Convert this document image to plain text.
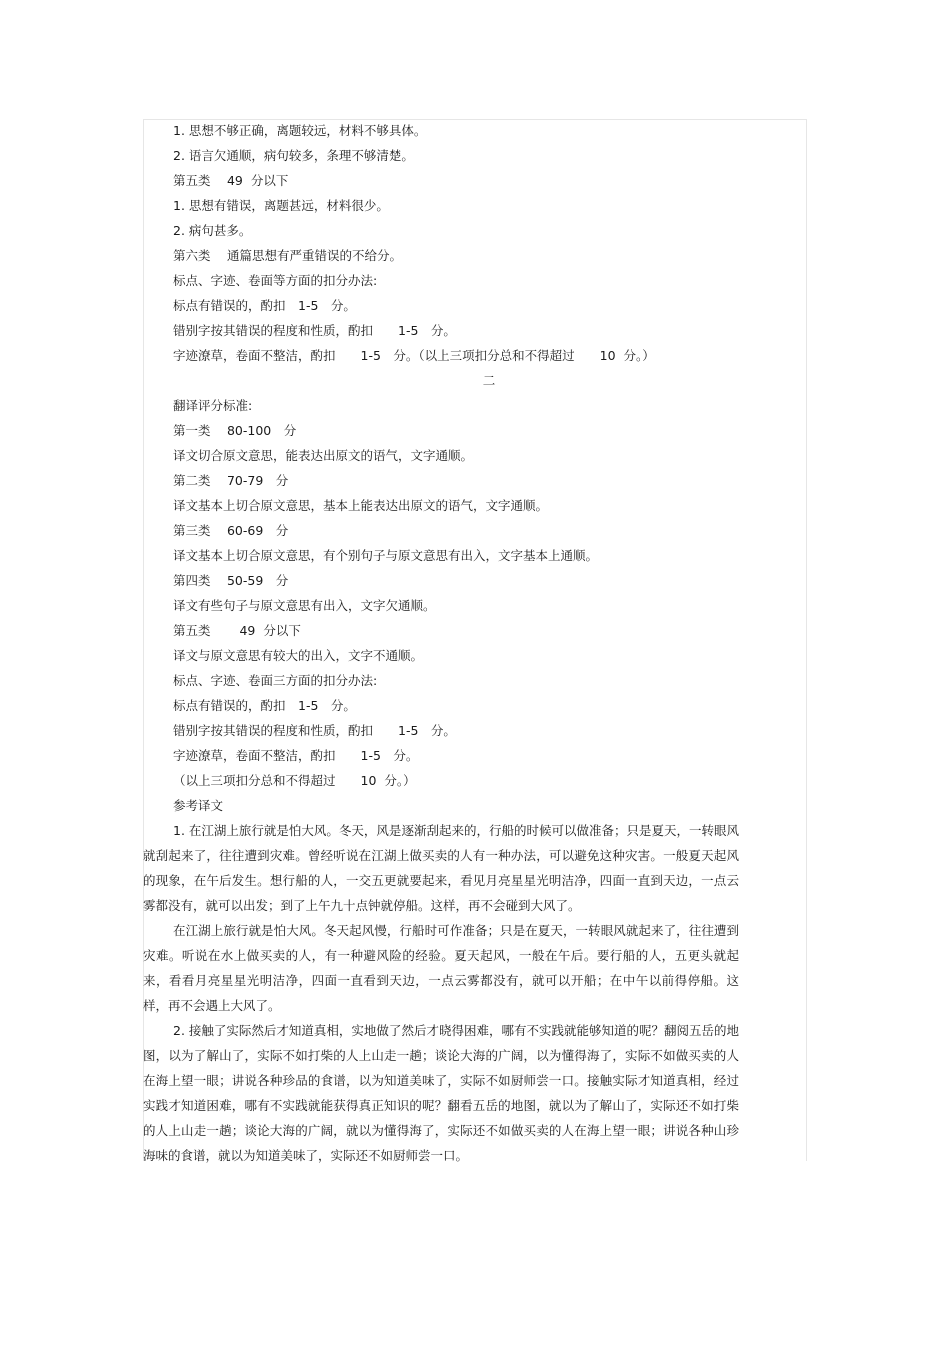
1. 思想不够正确，离题较远，材料不够具体。
2. 语言欠通顺，病句较多，条理不够清楚。
第五类　 49  分以下
1. 思想有错误，离题甚远，材料很少。
2. 病句甚多。
第六类　 通篇思想有严重错误的不给分。
标点、字迹、卷面等方面的扣分办法:
标点有错误的，酌扣　1-5　分。
错别字按其错误的程度和性质，酌扣　　1-5　分。
字迹潦草，卷面不整洁，酌扣　　1-5　分。（以上三项扣分总和不得超过　　10  分。）
二
翻译评分标准:
第一类　 80-100　分
译文切合原文意思，能表达出原文的语气，文字通顺。
第二类　 70-79　分
译文基本上切合原文意思，基本上能表达出原文的语气，文字通顺。
第三类　 60-69　分
译文基本上切合原文意思，有个别句子与原文意思有出入，文字基本上通顺。
第四类　 50-59　分
译文有些句子与原文意思有出入，文字欠通顺。
第五类　　 49  分以下
译文与原文意思有较大的出入，文字不通顺。
标点、字迹、卷面三方面的扣分办法:
标点有错误的，酌扣　1-5　分。
错别字按其错误的程度和性质，酌扣　　1-5　分。
字迹潦草，卷面不整洁，酌扣　　1-5　分。
（以上三项扣分总和不得超过　　10  分。）
参考译文

1. 在江湖上旅行就是怕大风。冬天，风是逐渐刮起来的，行船的时候可以做准备；只是夏天，一转眼风就刮起来了，往往遭到灾难。曾经听说在江湖上做买卖的人有一种办法，可以避免这种灾害。一般夏天起风的现象，在午后发生。想行船的人，一交五更就要起来，看见月亮星星光明洁净，四面一直到天边，一点云雾都没有，就可以出发；到了上午九十点钟就停船。这样，再不会碰到大风了。

在江湖上旅行就是怕大风。冬天起风慢，行船时可作准备；只是在夏天，一转眼风就起来了，往往遭到灾难。听说在水上做买卖的人，有一种避风险的经验。夏天起风，一般在午后。要行船的人，五更头就起来，看看月亮星星光明洁净，四面一直看到天边，一点云雾都没有，就可以开船；在中午以前得停船。这样，再不会遇上大风了。

2. 接触了实际然后才知道真相，实地做了然后才晓得困难，哪有不实践就能够知道的呢？翻阅五岳的地图，以为了解山了，实际不如打柴的人上山走一趟；谈论大海的广阔，以为懂得海了，实际不如做买卖的人在海上望一眼；讲说各种珍品的食谱，以为知道美味了，实际不如厨师尝一口。接触实际才知道真相，经过实践才知道困难，哪有不实践就能获得真正知识的呢？翻看五岳的地图，就以为了解山了，实际还不如打柴的人上山走一趟；谈论大海的广阔，就以为懂得海了，实际还不如做买卖的人在海上望一眼；讲说各种山珍海味的食谱，就以为知道美味了，实际还不如厨师尝一口。
